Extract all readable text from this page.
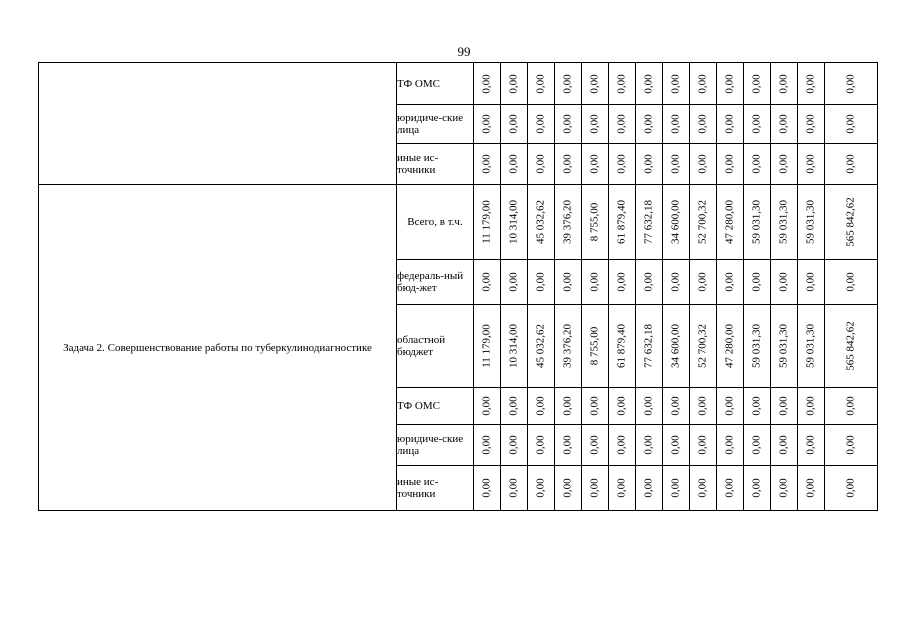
99
	ТФ ОМС	0,00	0,00	0,00	0,00	0,00	0,00	0,00	0,00	0,00	0,00	0,00	0,00	0,00	0,00

	юридиче-ские лица	0,00	0,00	0,00	0,00	0,00	0,00	0,00	0,00	0,00	0,00	0,00	0,00	0,00	0,00

	иные ис-точники	0,00	0,00	0,00	0,00	0,00	0,00	0,00	0,00	0,00	0,00	0,00	0,00	0,00	0,00

Задача 2. Совершенствование работы по туберкулинодиагностике	Всего, в т.ч.	11 179,00	10 314,00	45 032,62	39 376,20	8 755,00	61 879,40	77 632,18	34 600,00	52 700,32	47 280,00	59 031,30	59 031,30	59 031,30	565 842,62

	федераль-ный бюд-жет	0,00	0,00	0,00	0,00	0,00	0,00	0,00	0,00	0,00	0,00	0,00	0,00	0,00	0,00

	областной бюджет	11 179,00	10 314,00	45 032,62	39 376,20	8 755,00	61 879,40	77 632,18	34 600,00	52 700,32	47 280,00	59 031,30	59 031,30	59 031,30	565 842,62

	ТФ ОМС	0,00	0,00	0,00	0,00	0,00	0,00	0,00	0,00	0,00	0,00	0,00	0,00	0,00	0,00

	юридиче-ские лица	0,00	0,00	0,00	0,00	0,00	0,00	0,00	0,00	0,00	0,00	0,00	0,00	0,00	0,00

	иные ис-точники	0,00	0,00	0,00	0,00	0,00	0,00	0,00	0,00	0,00	0,00	0,00	0,00	0,00	0,00
